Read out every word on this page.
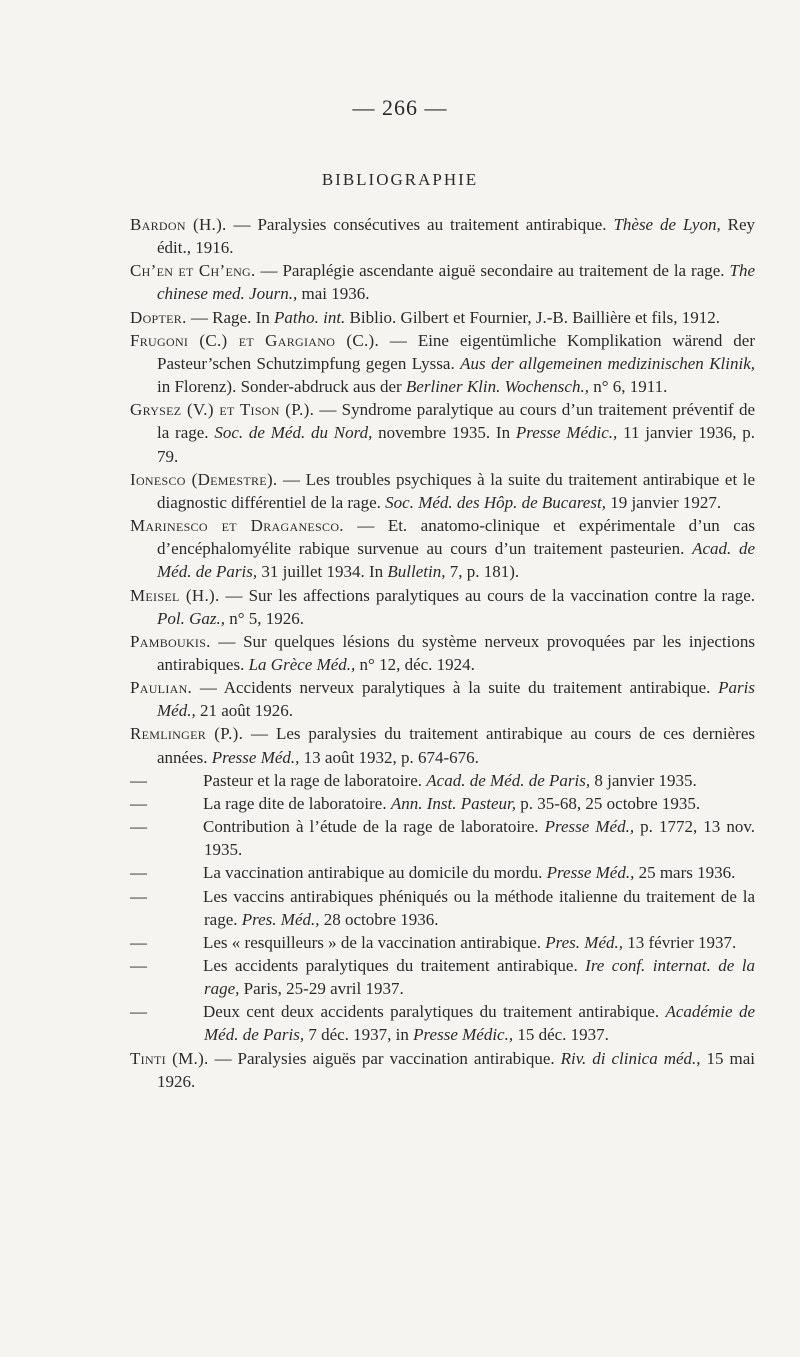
— 266 —
BIBLIOGRAPHIE

Bardon (H.). — Paralysies consécutives au traitement antirabique. Thèse de Lyon, Rey édit., 1916.

Ch’en et Ch’eng. — Paraplégie ascendante aiguë secondaire au traitement de la rage. The chinese med. Journ., mai 1936.

Dopter. — Rage. In Patho. int. Biblio. Gilbert et Fournier, J.-B. Baillière et fils, 1912.

Frugoni (C.) et Gargiano (C.). — Eine eigentümliche Komplikation wärend der Pasteur’schen Schutzimpfung gegen Lyssa. Aus der allgemeinen medizinischen Klinik, in Florenz). Sonder-abdruck aus der Berliner Klin. Wochensch., n° 6, 1911.

Grysez (V.) et Tison (P.). — Syndrome paralytique au cours d’un traitement préventif de la rage. Soc. de Méd. du Nord, novembre 1935. In Presse Médic., 11 janvier 1936, p. 79.

Ionesco (Demestre). — Les troubles psychiques à la suite du traitement antirabique et le diagnostic différentiel de la rage. Soc. Méd. des Hôp. de Bucarest, 19 janvier 1927.

Marinesco et Draganesco. — Et. anatomo-clinique et expérimentale d’un cas d’encéphalomyélite rabique survenue au cours d’un traitement pasteurien. Acad. de Méd. de Paris, 31 juillet 1934. In Bulletin, 7, p. 181).

Meisel (H.). — Sur les affections paralytiques au cours de la vaccination contre la rage. Pol. Gaz., n° 5, 1926.

Pamboukis. — Sur quelques lésions du système nerveux provoquées par les injections antirabiques. La Grèce Méd., n° 12, déc. 1924.

Paulian. — Accidents nerveux paralytiques à la suite du traitement antirabique. Paris Méd., 21 août 1926.

Remlinger (P.). — Les paralysies du traitement antirabique au cours de ces dernières années. Presse Méd., 13 août 1932, p. 674-676.

—	Pasteur et la rage de laboratoire. Acad. de Méd. de Paris, 8 janvier 1935.

—	La rage dite de laboratoire. Ann. Inst. Pasteur, p. 35-68, 25 octobre 1935.

—	Contribution à l’étude de la rage de laboratoire. Presse Méd., p. 1772, 13 nov. 1935.

—	La vaccination antirabique au domicile du mordu. Presse Méd., 25 mars 1936.

—	Les vaccins antirabiques phéniqués ou la méthode italienne du traitement de la rage. Pres. Méd., 28 octobre 1936.

—	Les « resquilleurs » de la vaccination antirabique. Pres. Méd., 13 février 1937.

—	Les accidents paralytiques du traitement antirabique. Ire conf. internat. de la rage, Paris, 25-29 avril 1937.

—	Deux cent deux accidents paralytiques du traitement antirabique. Académie de Méd. de Paris, 7 déc. 1937, in Presse Médic., 15 déc. 1937.

Tinti (M.). — Paralysies aiguës par vaccination antirabique. Riv. di clinica méd., 15 mai 1926.
